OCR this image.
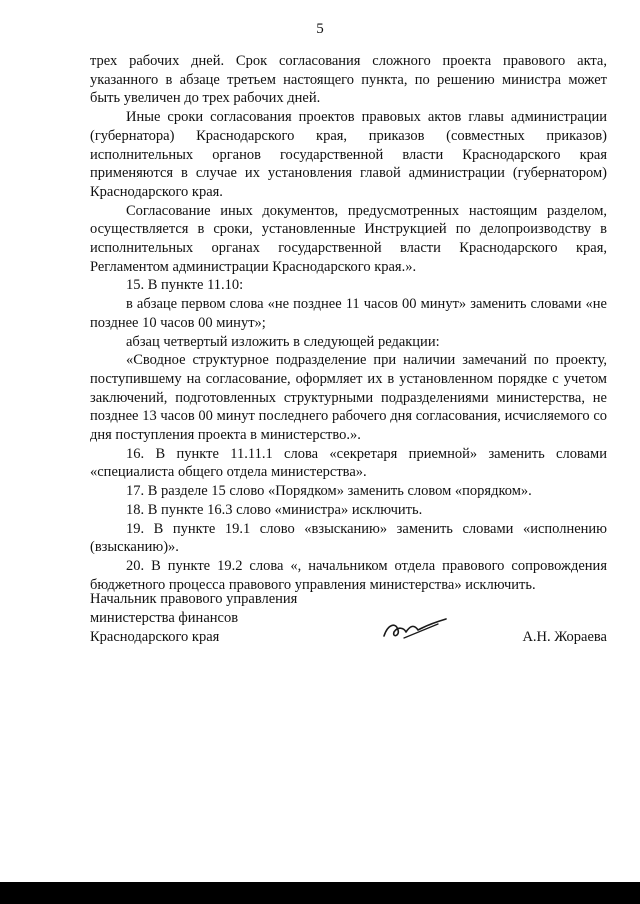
5

трех рабочих дней. Срок согласования сложного проекта правового акта, указанного в абзаце третьем настоящего пункта, по решению министра может быть увеличен до трех рабочих дней.

Иные сроки согласования проектов правовых актов главы администрации (губернатора) Краснодарского края, приказов (совместных приказов) исполнительных органов государственной власти Краснодарского края применяются в случае их установления главой администрации (губернатором) Краснодарского края.

Согласование иных документов, предусмотренных настоящим разделом, осуществляется в сроки, установленные Инструкцией по делопроизводству в исполнительных органах государственной власти Краснодарского края, Регламентом администрации Краснодарского края.».

15. В пункте 11.10:

в абзаце первом слова «не позднее 11 часов 00 минут» заменить словами «не позднее 10 часов 00 минут»;

абзац четвертый изложить в следующей редакции:

«Сводное структурное подразделение при наличии замечаний по проекту, поступившему на согласование, оформляет их в установленном порядке с учетом заключений, подготовленных структурными подразделениями министерства, не позднее 13 часов 00 минут последнего рабочего дня согласования, исчисляемого со дня поступления проекта в министерство.».

16. В пункте 11.11.1 слова «секретаря приемной» заменить словами «специалиста общего отдела министерства».

17. В разделе 15 слово «Порядком» заменить словом «порядком».

18. В пункте 16.3 слово «министра» исключить.

19. В пункте 19.1 слово «взысканию» заменить словами «исполнению (взысканию)».

20. В пункте 19.2 слова «, начальником отдела правового сопровождения бюджетного процесса правового управления министерства» исключить.

Начальник правового управления
министерства финансов
Краснодарского края	А.Н. Жораева
